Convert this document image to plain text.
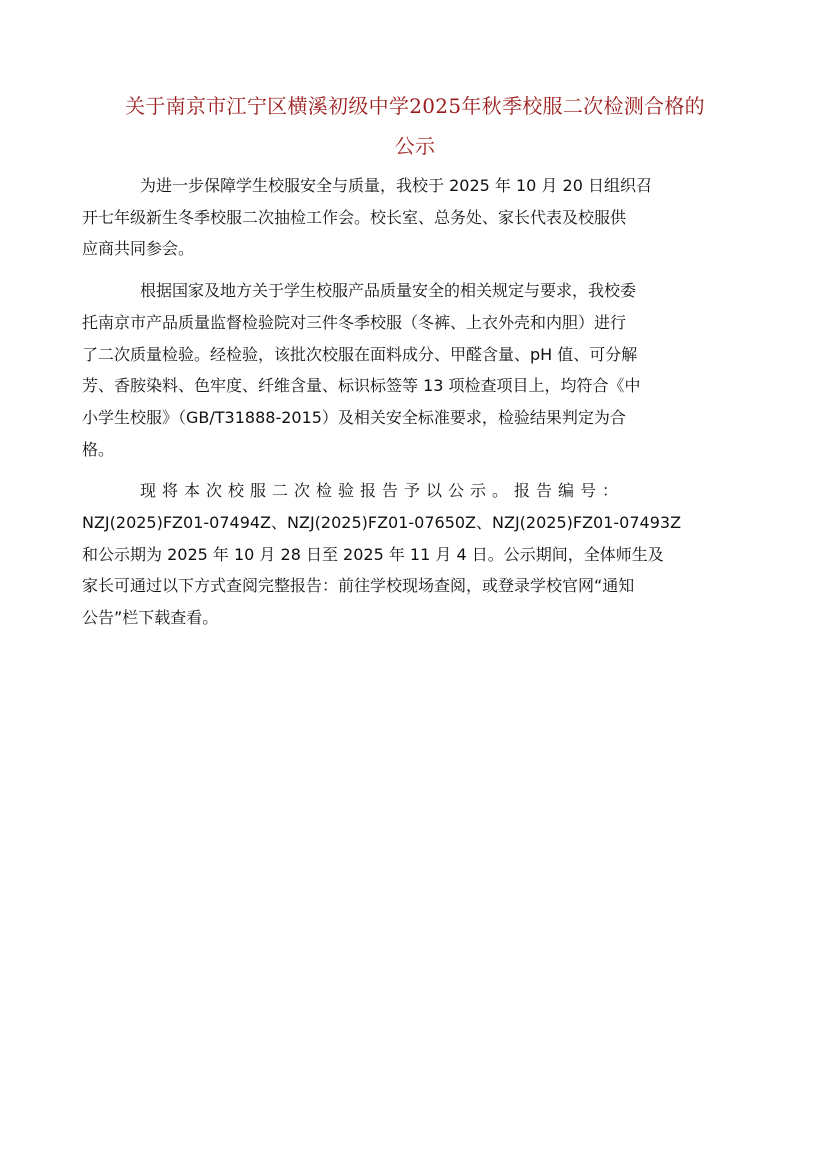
关于南京市江宁区横溪初级中学2025年秋季校服二次检测合格的
公示
为进一步保障学生校服安全与质量，我校于 2025 年 10 月 20 日组织召
开七年级新生冬季校服二次抽检工作会。校长室、总务处、家长代表及校服供
应商共同参会。
根据国家及地方关于学生校服产品质量安全的相关规定与要求，我校委
托南京市产品质量监督检验院对三件冬季校服（冬裤、上衣外壳和内胆）进行
了二次质量检验。经检验，该批次校服在面料成分、甲醛含量、pH 值、可分解
芳、香胺染料、色牢度、纤维含量、标识标签等 13 项检查项目上，均符合《中
小学生校服》（GB/T31888-2015）及相关安全标准要求，检验结果判定为合
格。
现将本次校服二次检验报告予以公示。报告编号：
NZJ(2025)FZ01-07494Z、NZJ(2025)FZ01-07650Z、NZJ(2025)FZ01-07493Z
和公示期为 2025 年 10 月 28 日至 2025 年 11 月 4 日。公示期间，全体师生及
家长可通过以下方式查阅完整报告：前往学校现场查阅，或登录学校官网“通知
公告”栏下载查看。
